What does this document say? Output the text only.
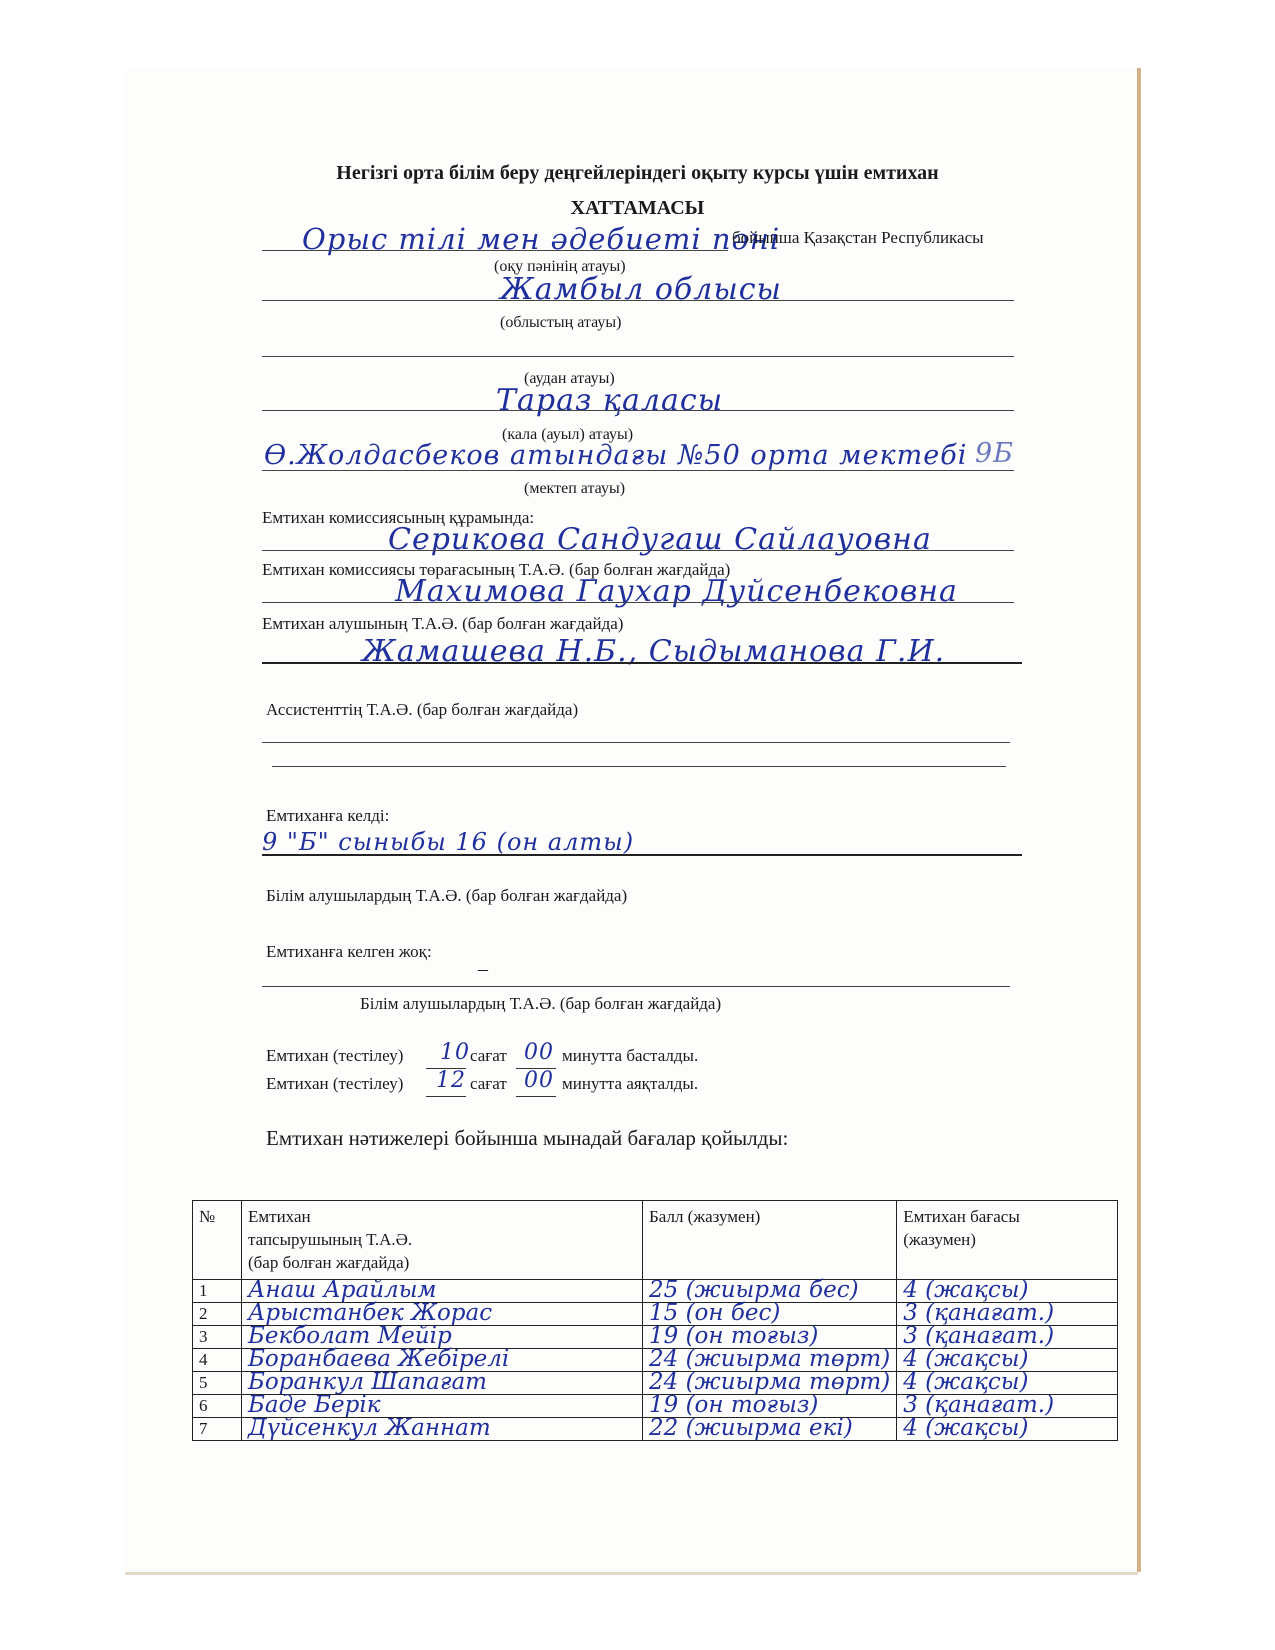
Негізгі орта білім беру деңгейлеріндегі оқыту курсы үшін емтихан
ХАТТАМАСЫ
Орыс тілі мен әдебиеті пәні
бойынша Қазақстан Республикасы
(оқу пәнінің атауы)
Жамбыл облысы
(облыстың атауы)
(аудан атауы)
Тараз қаласы
(кала (ауыл) атауы)
Ө.Жолдасбеков атындағы №50 орта мектебі 9Б
(мектеп атауы)
Емтихан комиссиясының құрамында:
Серикова Сандугаш Сайлауовна
Емтихан комиссиясы төрағасының Т.А.Ә. (бар болған жағдайда)
Махимова Гаухар Дуйсенбековна
Емтихан алушының Т.А.Ә. (бар болған жағдайда)
Жамашева Н.Б., Сыдыманова Г.И.
Ассистенттің Т.А.Ә. (бар болған жағдайда)
Емтиханға келді:
9 "Б" сыныбы 16 (он алты)
Білім алушылардың Т.А.Ә. (бар болған жағдайда)
Емтиханға келген жоқ:
–
Білім алушылардың Т.А.Ә. (бар болған жағдайда)
Емтихан (тестілеу) 10 сағат 00 минутта басталды.
Емтихан (тестілеу) 12 сағат 00 минутта аяқталды.
Емтихан нәтижелері бойынша мынадай бағалар қойылды:
№	Емтихан
тапсырушының Т.А.Ә.
(бар болған жағдайда)	Балл (жазумен)	Емтихан бағасы
(жазумен)
1	Анаш Арайлым	25 (жиырма бес)	4 (жақсы)
2	Арыстанбек Жорас	15 (он бес)	3 (қанағат.)
3	Бекболат Мейір	19 (он тоғыз)	3 (қанағат.)
4	Боранбаева Жебірелі	24 (жиырма төрт)	4 (жақсы)
5	Боранкул Шапағат	24 (жиырма төрт)	4 (жақсы)
6	Баде Берік	19 (он тоғыз)	3 (қанағат.)
7	Дүйсенкул Жаннат	22 (жиырма екі)	4 (жақсы)
